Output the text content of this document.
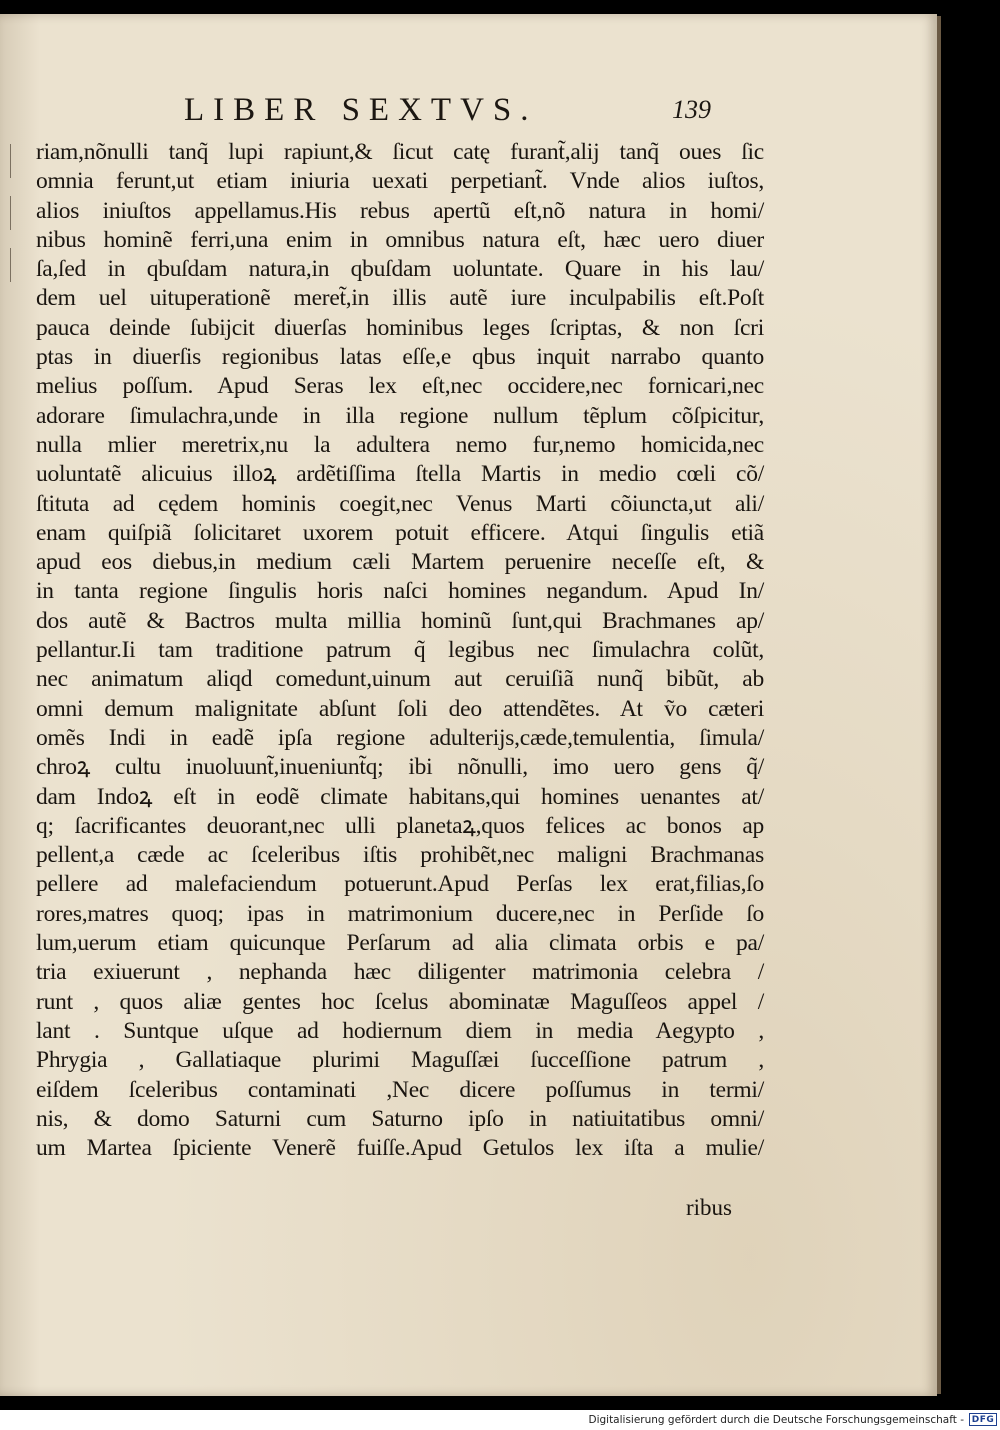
LIBER SEXTVS.	139
riam,nõnulli tanq̃ lupi rapiunt,& ſicut catę furant̃,alij tanq̃ oues ſic
omnia ferunt,ut etiam iniuria uexati perpetiant̃. Vnde alios iuſtos,
alios iniuſtos appellamus.His rebus apertũ eſt,nõ natura in homi/
nibus hominẽ ferri,una enim in omnibus natura eſt, hæc uero diuer
ſa,ſed in qbuſdam natura,in qbuſdam uoluntate. Quare in his lau/
dem uel uituperationẽ meret̃,in illis autẽ iure inculpabilis eſt.Poſt
pauca deinde ſubijcit diuerſas hominibus leges ſcriptas, & non ſcri
ptas in diuerſis regionibus latas eſſe,e qbus inquit narrabo quanto
melius poſſum. Apud Seras lex eſt,nec occidere,nec fornicari,nec
adorare ſimulachra,unde in illa regione nullum tẽplum cõſpicitur,
nulla mlier meretrix,nu la adultera nemo fur,nemo homicida,nec
uoluntatẽ alicuius illoꝝ ardẽtiſſima ſtella Martis in medio cœli cõ/
ſtituta ad cędem hominis coegit,nec Venus Marti cõiuncta,ut ali/
enam quiſpiã ſolicitaret uxorem potuit efficere. Atqui ſingulis etiã
apud eos diebus,in medium cæli Martem peruenire neceſſe eſt, &
in tanta regione ſingulis horis naſci homines negandum. Apud In/
dos autẽ & Bactros multa millia hominũ ſunt,qui Brachmanes ap/
pellantur.Ii tam traditione patrum q̃ legibus nec ſimulachra colũt,
nec animatum aliqd comedunt,uinum aut ceruiſiã nunq̃ bibũt, ab
omni demum malignitate abſunt ſoli deo attendẽtes. At ṽo cæteri
omẽs Indi in eadẽ ipſa regione adulterijs,cæde,temulentia, ſimula/
chroꝝ cultu inuoluunt̃,inueniunt̃q; ibi nõnulli, imo uero gens q̃/
dam Indoꝝ eſt in eodẽ climate habitans,qui homines uenantes at/
q; ſacrificantes deuorant,nec ulli planetaꝝ,quos felices ac bonos ap
pellent,a cæde ac ſceleribus iſtis prohibẽt,nec maligni Brachmanas
pellere ad malefaciendum potuerunt.Apud Perſas lex erat,filias,ſo
rores,matres quoq; ipas in matrimonium ducere,nec in Perſide ſo
lum,uerum etiam quicunque Perſarum ad alia climata orbis e pa/
tria exiuerunt , nephanda hæc diligenter matrimonia celebra /
runt , quos aliæ gentes hoc ſcelus abominatæ Maguſſeos appel /
lant . Suntque uſque ad hodiernum diem in media Aegypto ,
Phrygia , Gallatiaque plurimi Maguſſæi ſucceſſione patrum ,
eiſdem ſceleribus contaminati ,Nec dicere poſſumus in termi/
nis, & domo Saturni cum Saturno ipſo in natiuitatibus omni/
um Martea ſpiciente Venerẽ fuiſſe.Apud Getulos lex iſta a mulie/
ribus
Digitalisierung gefördert durch die Deutsche Forschungsgemeinschaft - DFG
